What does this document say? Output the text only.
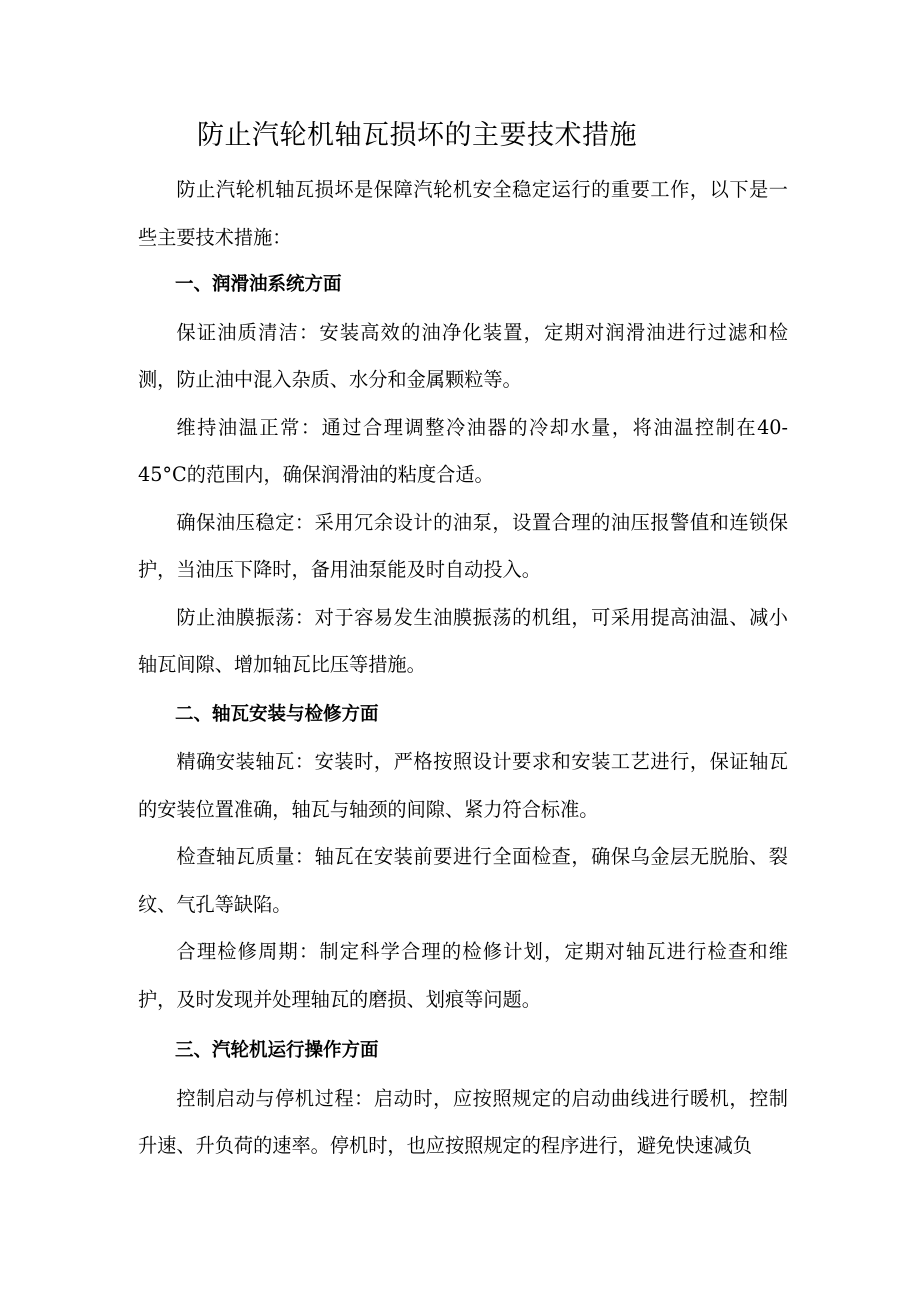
防止汽轮机轴瓦损坏的主要技术措施

防止汽轮机轴瓦损坏是保障汽轮机安全稳定运行的重要工作，以下是一些主要技术措施：

一、润滑油系统方面

保证油质清洁：安装高效的油净化装置，定期对润滑油进行过滤和检测，防止油中混入杂质、水分和金属颗粒等。

维持油温正常：通过合理调整冷油器的冷却水量，将油温控制在40-45°C的范围内，确保润滑油的粘度合适。

确保油压稳定：采用冗余设计的油泵，设置合理的油压报警值和连锁保护，当油压下降时，备用油泵能及时自动投入。

防止油膜振荡：对于容易发生油膜振荡的机组，可采用提高油温、减小轴瓦间隙、增加轴瓦比压等措施。

二、轴瓦安装与检修方面

精确安装轴瓦：安装时，严格按照设计要求和安装工艺进行，保证轴瓦的安装位置准确，轴瓦与轴颈的间隙、紧力符合标准。

检查轴瓦质量：轴瓦在安装前要进行全面检查，确保乌金层无脱胎、裂纹、气孔等缺陷。

合理检修周期：制定科学合理的检修计划，定期对轴瓦进行检查和维护，及时发现并处理轴瓦的磨损、划痕等问题。

三、汽轮机运行操作方面

控制启动与停机过程：启动时，应按照规定的启动曲线进行暖机，控制升速、升负荷的速率。停机时，也应按照规定的程序进行，避免快速减负
